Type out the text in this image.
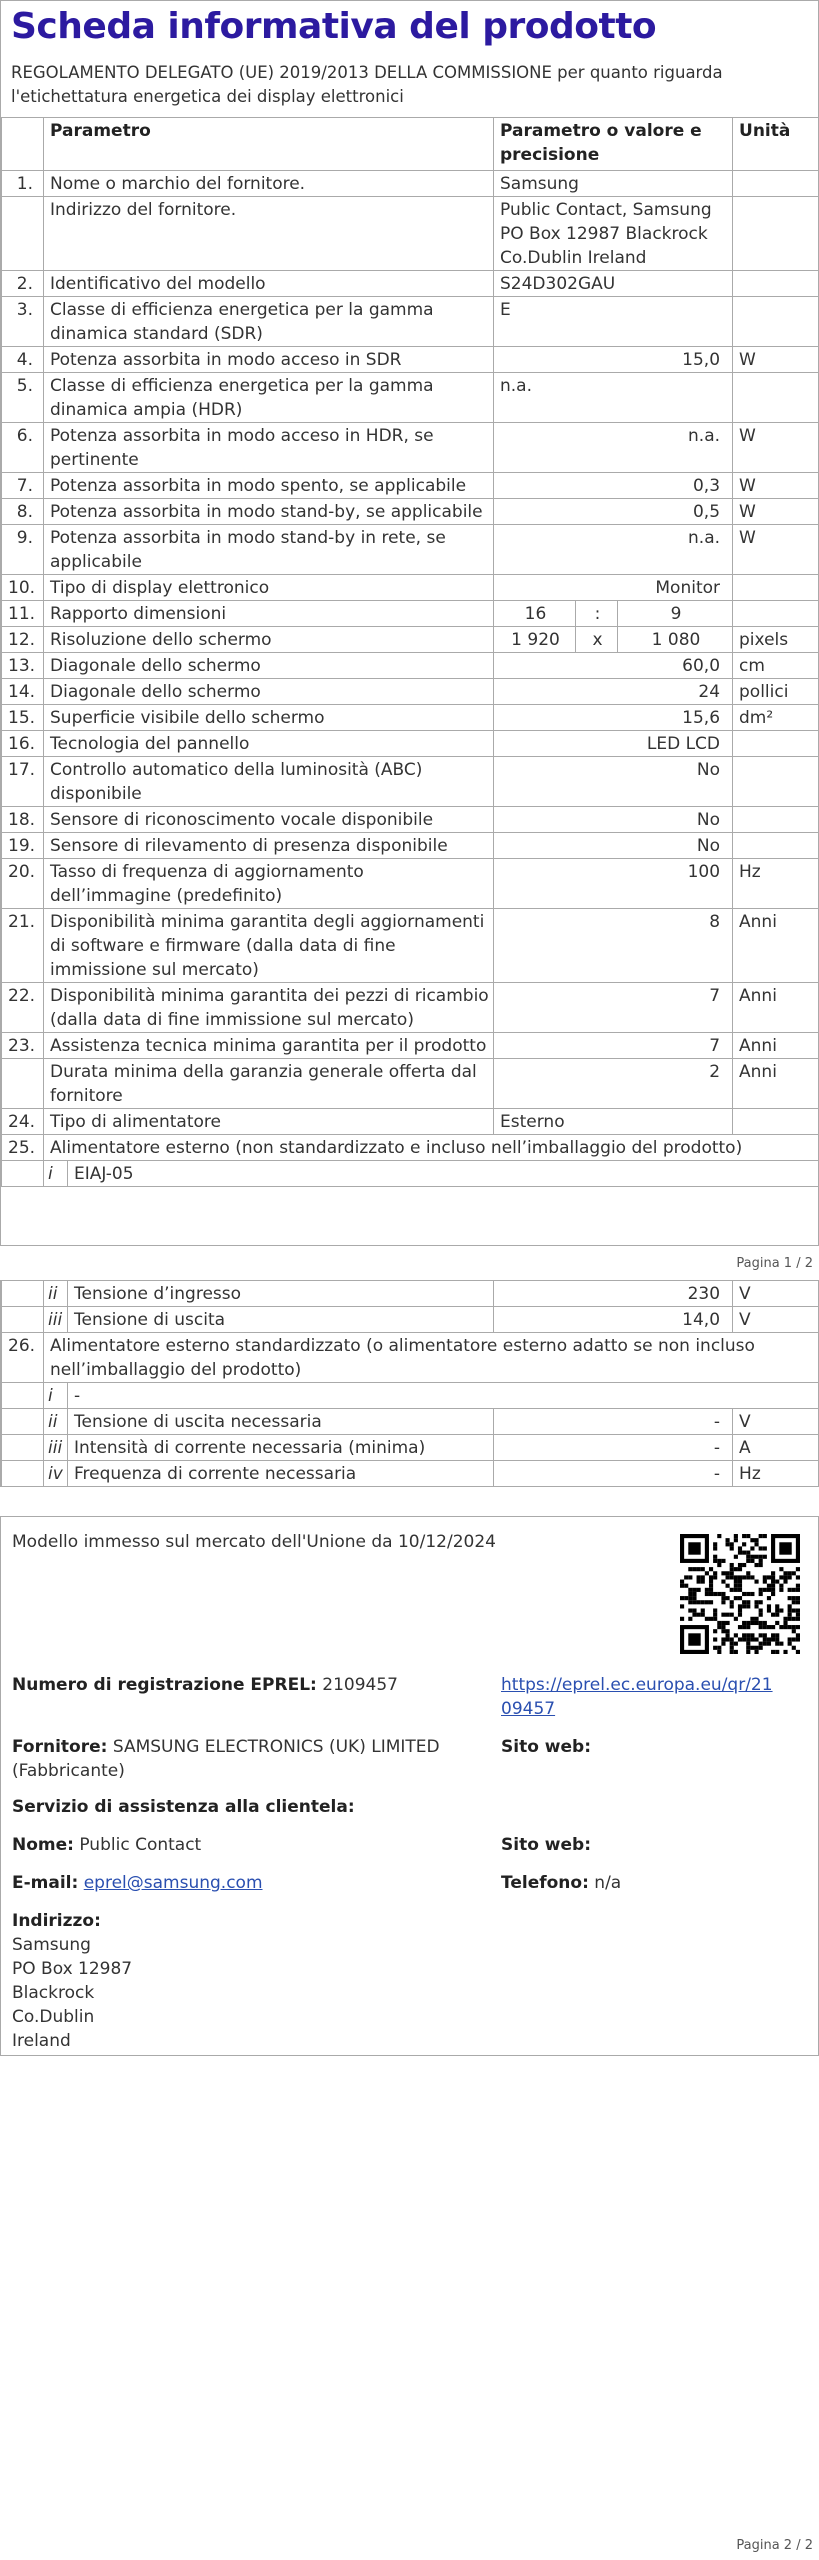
Scheda informativa del prodotto
REGOLAMENTO DELEGATO (UE) 2019/2013 DELLA COMMISSIONE per quanto riguarda l'etichettatura energetica dei display elettronici
	Parametro	Parametro o valore e precisione			Unità
1.	Nome o marchio del fornitore.	Samsung			
	Indirizzo del fornitore.	Public Contact, Samsung PO Box 12987 Blackrock Co.Dublin Ireland			
2.	Identificativo del modello	S24D302GAU			
3.	Classe di efficienza energetica per la gamma dinamica standard (SDR)	E			
4.	Potenza assorbita in modo acceso in SDR	15,0			W
5.	Classe di efficienza energetica per la gamma dinamica ampia (HDR)	n.a.			
6.	Potenza assorbita in modo acceso in HDR, se pertinente	n.a.			W
7.	Potenza assorbita in modo spento, se applicabile	0,3			W
8.	Potenza assorbita in modo stand-by, se applicabile	0,5			W
9.	Potenza assorbita in modo stand-by in rete, se applicabile	n.a.			W
10.	Tipo di display elettronico	Monitor			
11.	Rapporto dimensioni	16	:	9	
12.	Risoluzione dello schermo	1 920	x	1 080	pixels
13.	Diagonale dello schermo	60,0			cm
14.	Diagonale dello schermo	24			pollici
15.	Superficie visibile dello schermo	15,6			dm²
16.	Tecnologia del pannello	LED LCD			
17.	Controllo automatico della luminosità (ABC) disponibile	No			
18.	Sensore di riconoscimento vocale disponibile	No			
19.	Sensore di rilevamento di presenza disponibile	No			
20.	Tasso di frequenza di aggiornamento dell’immagine (predefinito)	100			Hz
21.	Disponibilità minima garantita degli aggiornamenti di software e firmware (dalla data di fine immissione sul mercato)	8			Anni
22.	Disponibilità minima garantita dei pezzi di ricambio (dalla data di fine immissione sul mercato)	7			Anni
23.	Assistenza tecnica minima garantita per il prodotto	7			Anni
	Durata minima della garanzia generale offerta dal fornitore	2			Anni
24.	Tipo di alimentatore	Esterno			
25.	Alimentatore esterno (non standardizzato e incluso nell’imballaggio del prodotto)				

	i EIAJ-05				
Pagina 1 / 2

	ii Tensione d’ingresso	230	V

	iii Tensione di uscita	14,0	V
26.	Alimentatore esterno standardizzato (o alimentatore esterno adatto se non incluso nell’imballaggio del prodotto)		

	i -		

	ii Tensione di uscita necessaria	-	V

	iii Intensità di corrente necessaria (minima)	-	A

	iv Frequenza di corrente necessaria	-	Hz
Modello immesso sul mercato dell'Unione da 10/12/2024
Numero di registrazione EPREL: 2109457	https://eprel.ec.europa.eu/qr/2109457
Fornitore: SAMSUNG ELECTRONICS (UK) LIMITED (Fabbricante)
Sito web:
Servizio di assistenza alla clientela:
Nome: Public Contact	Sito web:
E-mail: eprel@samsung.com	Telefono: n/a
Indirizzo:
Samsung
PO Box 12987
Blackrock
Co.Dublin
Ireland
Pagina 2 / 2
